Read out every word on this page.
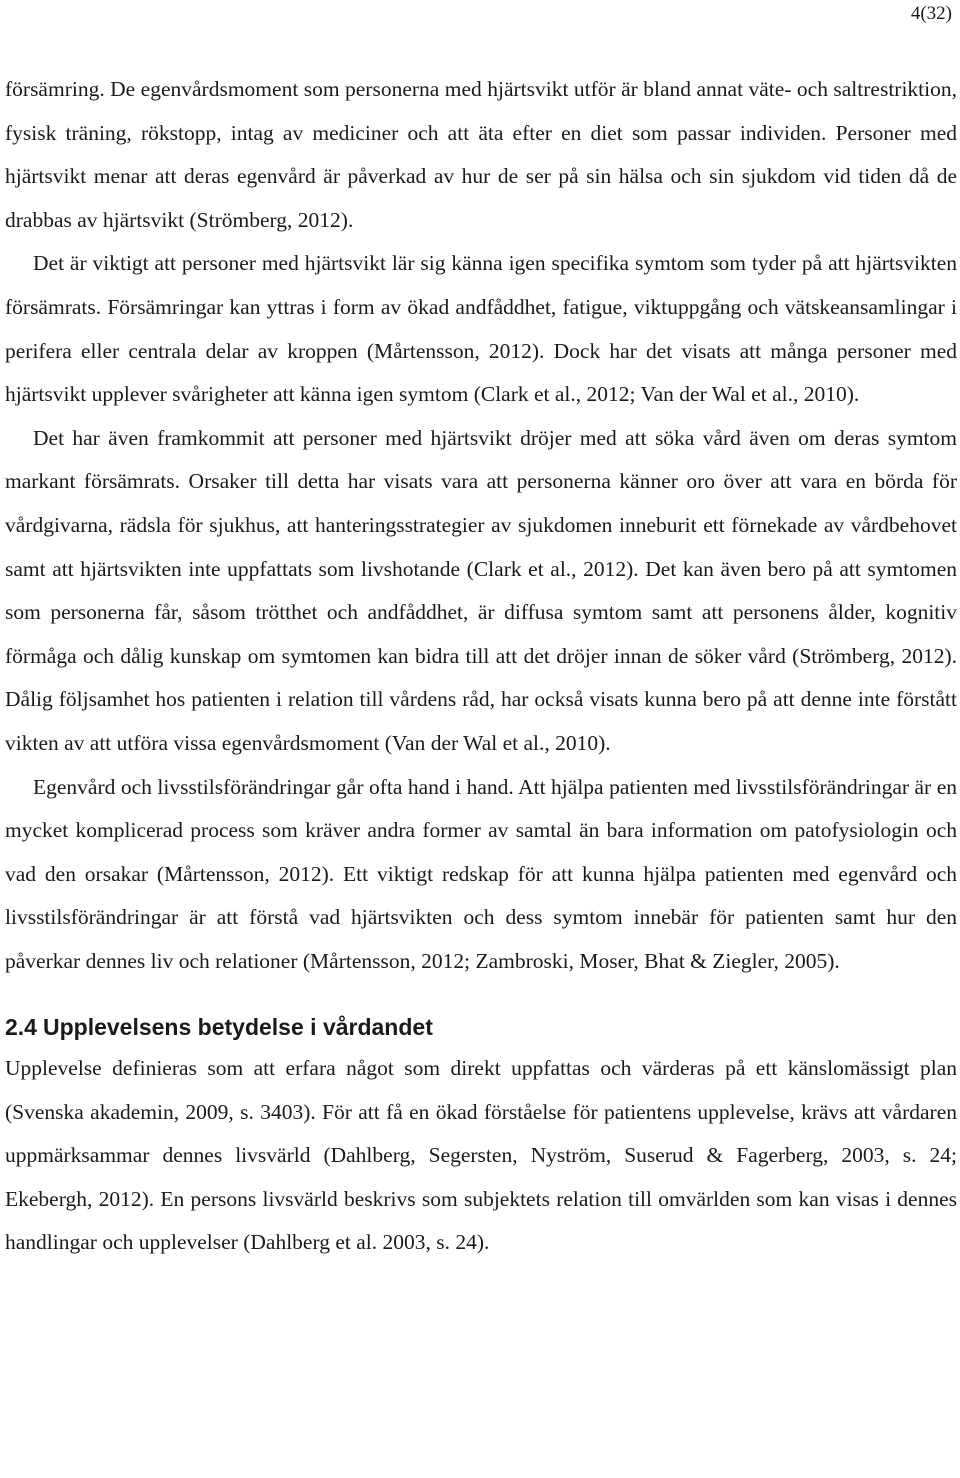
4(32)

försämring. De egenvårdsmoment som personerna med hjärtsvikt utför är bland annat väte- och saltrestriktion, fysisk träning, rökstopp, intag av mediciner och att äta efter en diet som passar individen. Personer med hjärtsvikt menar att deras egenvård är påverkad av hur de ser på sin hälsa och sin sjukdom vid tiden då de drabbas av hjärtsvikt (Strömberg, 2012).

Det är viktigt att personer med hjärtsvikt lär sig känna igen specifika symtom som tyder på att hjärtsvikten försämrats. Försämringar kan yttras i form av ökad andfåddhet, fatigue, viktuppgång och vätskeansamlingar i perifera eller centrala delar av kroppen (Mårtensson, 2012). Dock har det visats att många personer med hjärtsvikt upplever svårigheter att känna igen symtom (Clark et al., 2012; Van der Wal et al., 2010).

Det har även framkommit att personer med hjärtsvikt dröjer med att söka vård även om deras symtom markant försämrats. Orsaker till detta har visats vara att personerna känner oro över att vara en börda för vårdgivarna, rädsla för sjukhus, att hanteringsstrategier av sjukdomen inneburit ett förnekade av vårdbehovet samt att hjärtsvikten inte uppfattats som livshotande (Clark et al., 2012). Det kan även bero på att symtomen som personerna får, såsom trötthet och andfåddhet, är diffusa symtom samt att personens ålder, kognitiv förmåga och dålig kunskap om symtomen kan bidra till att det dröjer innan de söker vård (Strömberg, 2012). Dålig följsamhet hos patienten i relation till vårdens råd, har också visats kunna bero på att denne inte förstått vikten av att utföra vissa egenvårdsmoment (Van der Wal et al., 2010).

Egenvård och livsstilsförändringar går ofta hand i hand. Att hjälpa patienten med livsstilsförändringar är en mycket komplicerad process som kräver andra former av samtal än bara information om patofysiologin och vad den orsakar (Mårtensson, 2012). Ett viktigt redskap för att kunna hjälpa patienten med egenvård och livsstilsförändringar är att förstå vad hjärtsvikten och dess symtom innebär för patienten samt hur den påverkar dennes liv och relationer (Mårtensson, 2012; Zambroski, Moser, Bhat & Ziegler, 2005).

2.4 Upplevelsens betydelse i vårdandet

Upplevelse definieras som att erfara något som direkt uppfattas och värderas på ett känslomässigt plan (Svenska akademin, 2009, s. 3403). För att få en ökad förståelse för patientens upplevelse, krävs att vårdaren uppmärksammar dennes livsvärld (Dahlberg, Segersten, Nyström, Suserud & Fagerberg, 2003, s. 24; Ekebergh, 2012). En persons livsvärld beskrivs som subjektets relation till omvärlden som kan visas i dennes handlingar och upplevelser (Dahlberg et al. 2003, s. 24).
